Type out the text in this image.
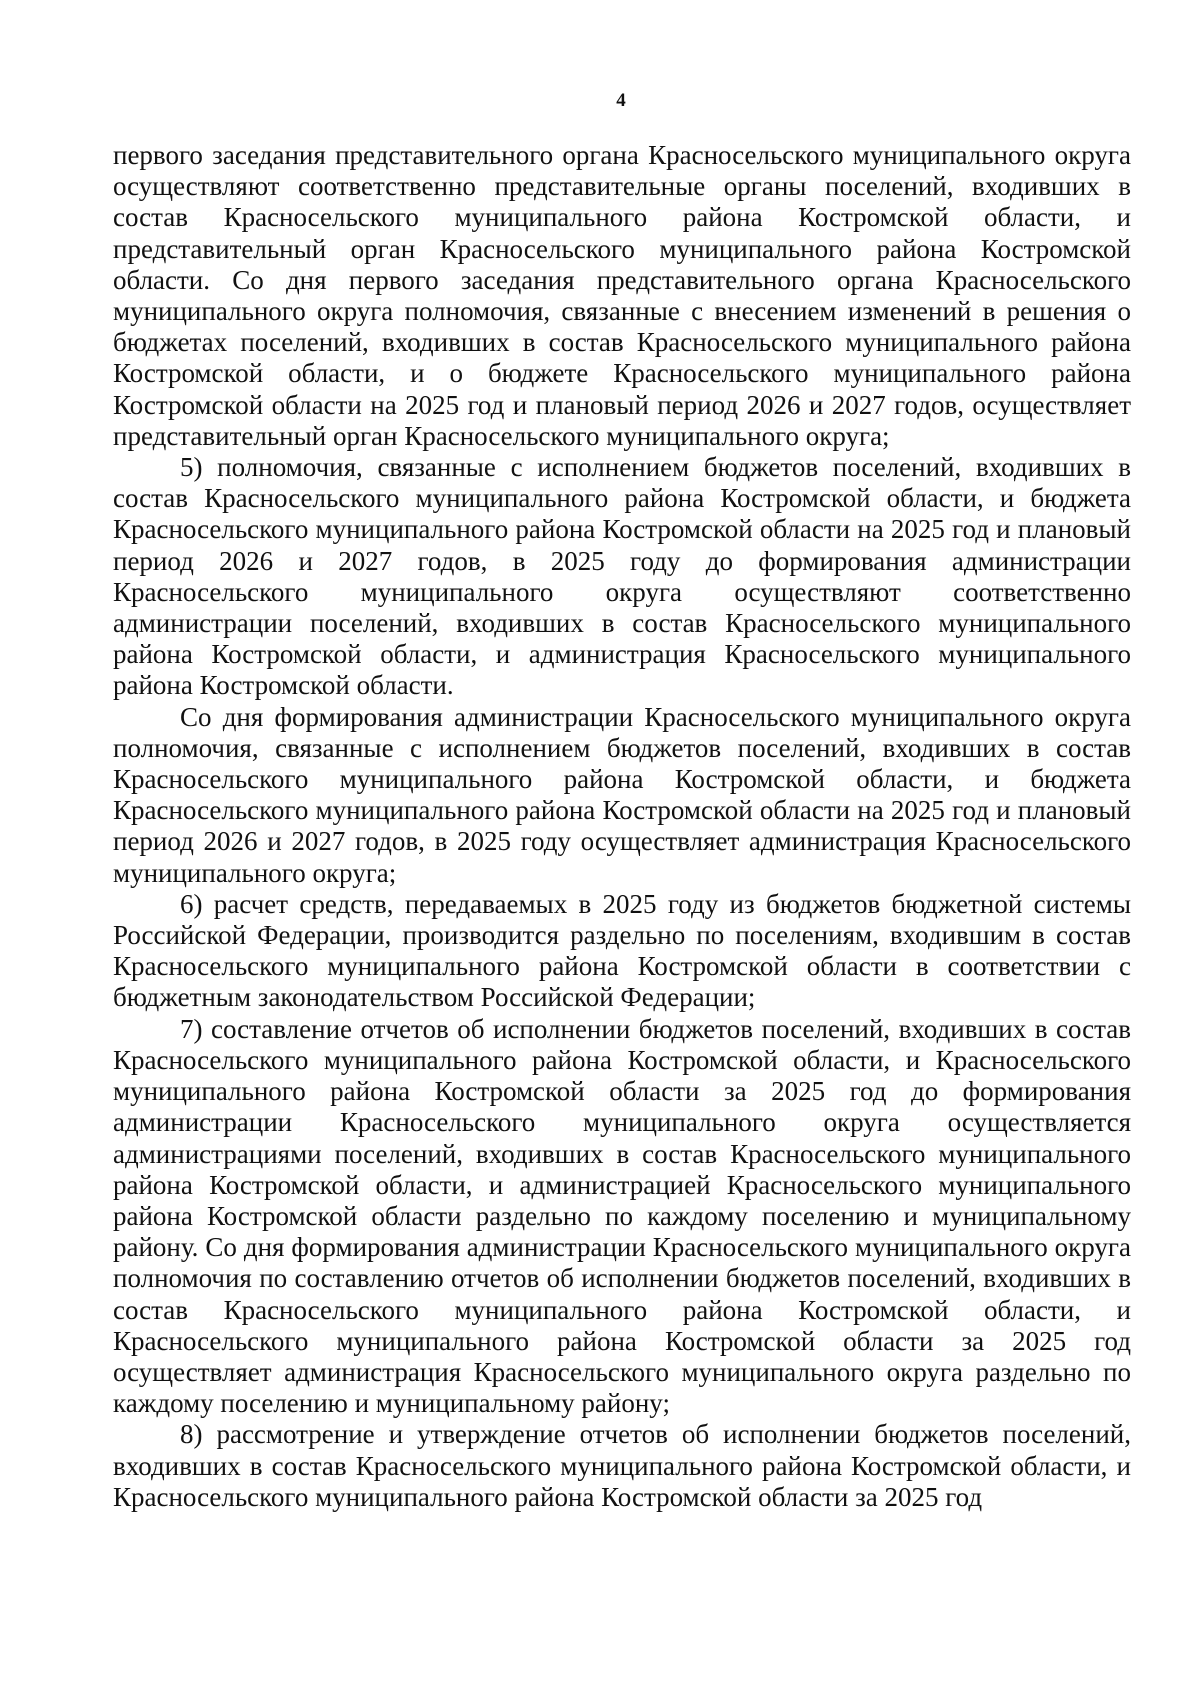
4

первого заседания представительного органа Красносельского муниципального округа осуществляют соответственно представительные органы поселений, входивших в состав Красносельского муниципального района Костромской области, и представительный орган Красносельского муниципального района Костромской области. Со дня первого заседания представительного органа Красносельского муниципального округа полномочия, связанные с внесением изменений в решения о бюджетах поселений, входивших в состав Красносельского муниципального района Костромской области, и о бюджете Красносельского муниципального района Костромской области на 2025 год и плановый период 2026 и 2027 годов, осуществляет представительный орган Красносельского муниципального округа;

5) полномочия, связанные с исполнением бюджетов поселений, входивших в состав Красносельского муниципального района Костромской области, и бюджета Красносельского муниципального района Костромской области на 2025 год и плановый период 2026 и 2027 годов, в 2025 году до формирования администрации Красносельского муниципального округа осуществляют соответственно администрации поселений, входивших в состав Красносельского муниципального района Костромской области, и администрация Красносельского муниципального района Костромской области.

Со дня формирования администрации Красносельского муниципального округа полномочия, связанные с исполнением бюджетов поселений, входивших в состав Красносельского муниципального района Костромской области, и бюджета Красносельского муниципального района Костромской области на 2025 год и плановый период 2026 и 2027 годов, в 2025 году осуществляет администрация Красносельского муниципального округа;

6) расчет средств, передаваемых в 2025 году из бюджетов бюджетной системы Российской Федерации, производится раздельно по поселениям, входившим в состав Красносельского муниципального района Костромской области в соответствии с бюджетным законодательством Российской Федерации;

7) составление отчетов об исполнении бюджетов поселений, входивших в состав Красносельского муниципального района Костромской области, и Красносельского муниципального района Костромской области за 2025 год до формирования администрации Красносельского муниципального округа осуществляется администрациями поселений, входивших в состав Красносельского муниципального района Костромской области, и администрацией Красносельского муниципального района Костромской области раздельно по каждому поселению и муниципальному району. Со дня формирования администрации Красносельского муниципального округа полномочия по составлению отчетов об исполнении бюджетов поселений, входивших в состав Красносельского муниципального района Костромской области, и Красносельского муниципального района Костромской области за 2025 год осуществляет администрация Красносельского муниципального округа раздельно по каждому поселению и муниципальному району;

8) рассмотрение и утверждение отчетов об исполнении бюджетов поселений, входивших в состав Красносельского муниципального района Костромской области, и Красносельского муниципального района Костромской области за 2025 год
